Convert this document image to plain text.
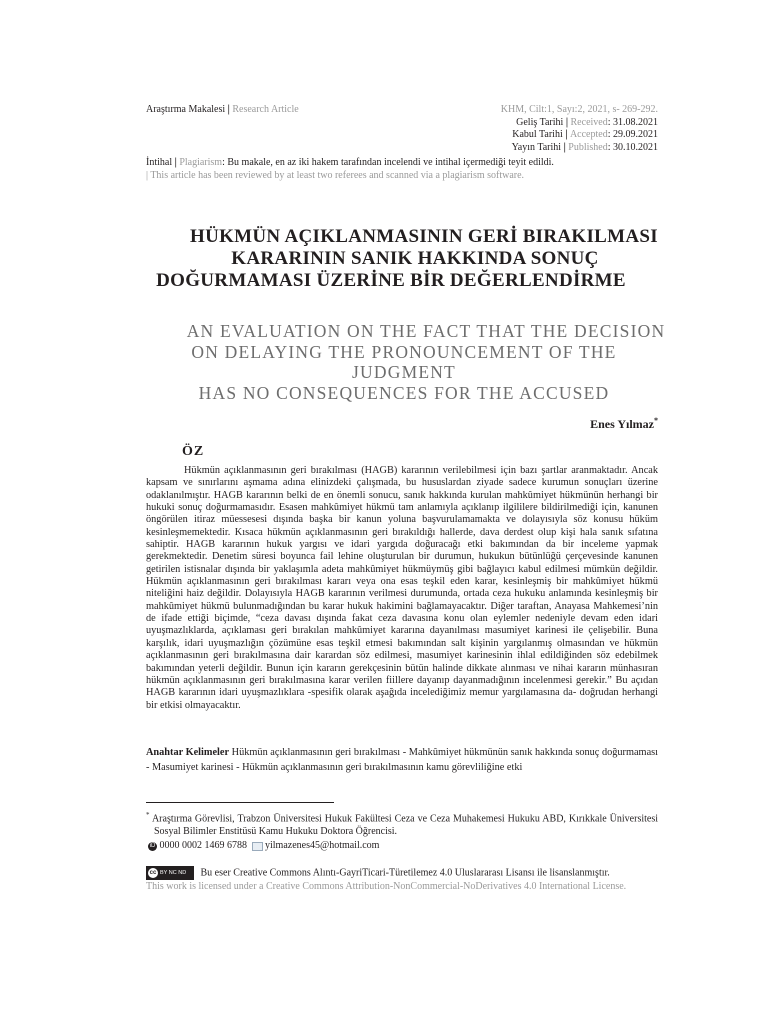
Araştırma Makalesi | Research Article	KHM, Cilt:1, Sayı:2, 2021, s- 269-292.
Geliş Tarihi | Received: 31.08.2021
Kabul Tarihi | Accepted: 29.09.2021
Yayın Tarihi | Published: 30.10.2021
İntihal | Plagiarism: Bu makale, en az iki hakem tarafından incelendi ve intihal içermediği teyit edildi.
| This article has been reviewed by at least two referees and scanned via a plagiarism software.
HÜKMÜN AÇIKLANMASININ GERİ BIRAKILMASI
KARARININ SANIK HAKKINDA SONUÇ
DOĞURMAMASI ÜZERİNE BİR DEĞERLENDİRME
AN EVALUATION ON THE FACT THAT THE DECISION
ON DELAYING THE PRONOUNCEMENT OF THE JUDGMENT
HAS NO CONSEQUENCES FOR THE ACCUSED
Enes Yılmaz*
ÖZ

Hükmün açıklanmasının geri bırakılması (HAGB) kararının verilebilmesi için bazı şartlar aranmaktadır. Ancak kapsam ve sınırlarını aşmama adına elinizdeki çalışmada, bu hususlardan ziyade sadece kurumun sonuçları üzerine odaklanılmıştır. HAGB kararının belki de en önemli sonucu, sanık hakkında kurulan mahkûmiyet hükmünün herhangi bir hukuki sonuç doğurmamasıdır. Esasen mahkûmiyet hükmü tam anlamıyla açıklanıp ilgililere bildirilmediği için, kanunen öngörülen itiraz müessesesi dışında başka bir kanun yoluna başvurulamamakta ve dolayısıyla söz konusu hüküm kesinleşmemektedir. Kısaca hükmün açıklanmasının geri bırakıldığı hallerde, dava derdest olup kişi hala sanık sıfatına sahiptir. HAGB kararının hukuk yargısı ve idari yargıda doğuracağı etki bakımından da bir inceleme yapmak gerekmektedir. Denetim süresi boyunca fail lehine oluşturulan bir durumun, hukukun bütünlüğü çerçevesinde kanunen getirilen istisnalar dışında bir yaklaşımla adeta mahkûmiyet hükmüymüş gibi bağlayıcı kabul edilmesi mümkün değildir. Hükmün açıklanmasının geri bırakılması kararı veya ona esas teşkil eden karar, kesinleşmiş bir mahkûmiyet hükmü niteliğini haiz değildir. Dolayısıyla HAGB kararının verilmesi durumunda, ortada ceza hukuku anlamında kesinleşmiş bir mahkûmiyet hükmü bulunmadığından bu karar hukuk hakimini bağlamayacaktır. Diğer taraftan, Anayasa Mahkemesi’nin de ifade ettiği biçimde, “ceza davası dışında fakat ceza davasına konu olan eylemler nedeniyle devam eden idari uyuşmazlıklarda, açıklaması geri bırakılan mahkûmiyet kararına dayanılması masumiyet karinesi ile çelişebilir. Buna karşılık, idari uyuşmazlığın çözümüne esas teşkil etmesi bakımından salt kişinin yargılanmış olmasından ve hükmün açıklanmasının geri bırakılmasına dair karardan söz edilmesi, masumiyet karinesinin ihlal edildiğinden söz edebilmek bakımından yeterli değildir. Bunun için kararın gerekçesinin bütün halinde dikkate alınması ve nihai kararın münhasıran hükmün açıklanmasının geri bırakılmasına karar verilen fiillere dayanıp dayanmadığının incelenmesi gerekir.” Bu açıdan HAGB kararının idari uyuşmazlıklara -spesifik olarak aşağıda incelediğimiz memur yargılamasına da- doğrudan herhangi bir etkisi olmayacaktır.

Anahtar Kelimeler Hükmün açıklanmasının geri bırakılması - Mahkûmiyet hükmünün sanık hakkında sonuç doğurmaması - Masumiyet karinesi - Hükmün açıklanmasının geri bırakılmasının kamu görevliliğine etki
* Araştırma Görevlisi, Trabzon Üniversitesi Hukuk Fakültesi Ceza ve Ceza Muhakemesi Hukuku ABD, Kırıkkale Üniversitesi Sosyal Bilimler Enstitüsü Kamu Hukuku Doktora Öğrencisi.
iD 0000 0002 1469 6788 yilmazenes45@hotmail.com
cc BY NC ND Bu eser Creative Commons Alıntı-GayriTicari-Türetilemez 4.0 Uluslararası Lisansı ile lisanslanmıştır.
This work is licensed under a Creative Commons Attribution-NonCommercial-NoDerivatives 4.0 International License.
